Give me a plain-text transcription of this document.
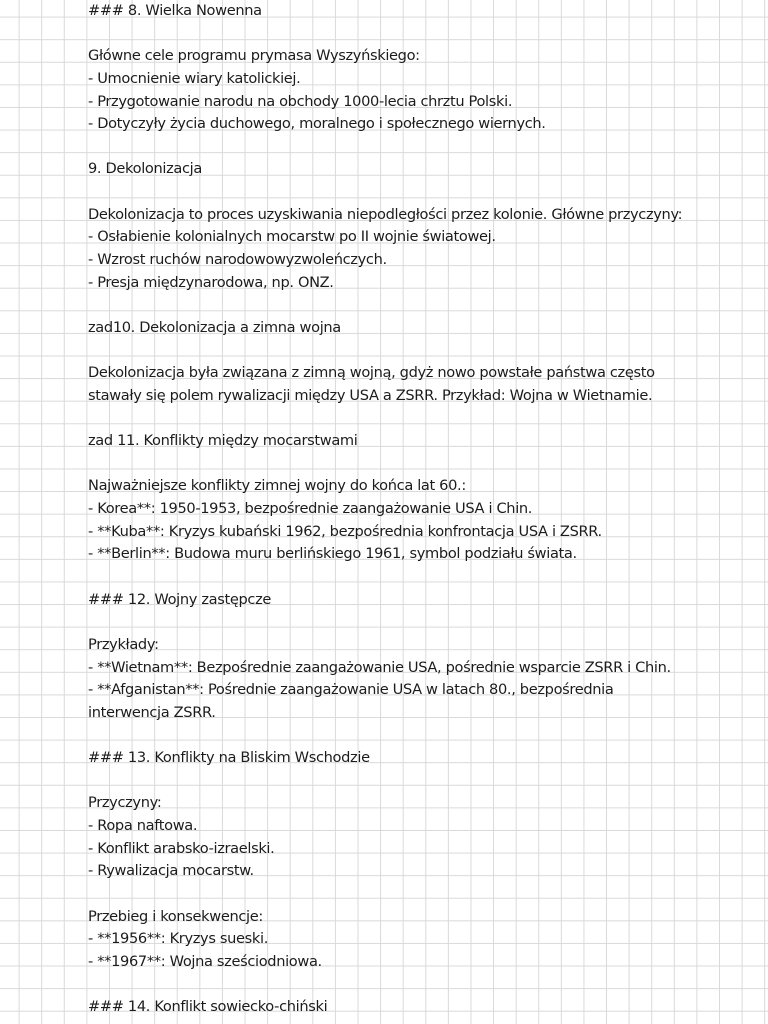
### 8. Wielka Nowenna
Główne cele programu prymasa Wyszyńskiego:
- Umocnienie wiary katolickiej.
- Przygotowanie narodu na obchody 1000-lecia chrztu Polski.
- Dotyczyły życia duchowego, moralnego i społecznego wiernych.
9. Dekolonizacja
Dekolonizacja to proces uzyskiwania niepodległości przez kolonie. Główne przyczyny:
- Osłabienie kolonialnych mocarstw po II wojnie światowej.
- Wzrost ruchów narodowowyzwoleńczych.
- Presja międzynarodowa, np. ONZ.
zad10. Dekolonizacja a zimna wojna
Dekolonizacja była związana z zimną wojną, gdyż nowo powstałe państwa często
stawały się polem rywalizacji między USA a ZSRR. Przykład: Wojna w Wietnamie.
zad 11. Konflikty między mocarstwami
Najważniejsze konflikty zimnej wojny do końca lat 60.:
- Korea**: 1950-1953, bezpośrednie zaangażowanie USA i Chin.
- **Kuba**: Kryzys kubański 1962, bezpośrednia konfrontacja USA i ZSRR.
- **Berlin**: Budowa muru berlińskiego 1961, symbol podziału świata.
### 12. Wojny zastępcze
Przykłady:
- **Wietnam**: Bezpośrednie zaangażowanie USA, pośrednie wsparcie ZSRR i Chin.
- **Afganistan**: Pośrednie zaangażowanie USA w latach 80., bezpośrednia
interwencja ZSRR.
### 13. Konflikty na Bliskim Wschodzie
Przyczyny:
- Ropa naftowa.
- Konflikt arabsko-izraelski.
- Rywalizacja mocarstw.
Przebieg i konsekwencje:
- **1956**: Kryzys sueski.
- **1967**: Wojna sześciodniowa.
### 14. Konflikt sowiecko-chiński
